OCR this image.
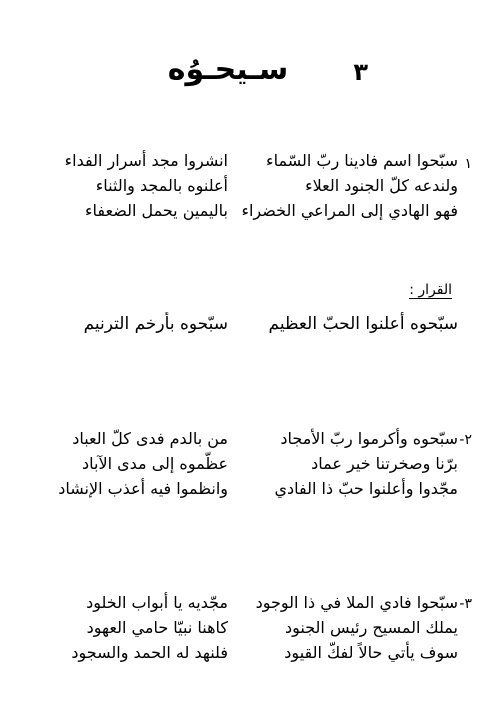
٣
سـيحـوُه
١
سبّحوا اسم فادينا ربّ السّماء
ولندعه كلّ الجنود العلاء
فهو الهادي إلى المراعي الخضراء
انشروا مجد أسرار الفداء
أعلنوه بالمجد والثناء
باليمين يحمل الضعفاء
القرار :
سبّحوه أعلنوا الحبّ العظيم
سبّحوه بأرخم الترنيم
٢-
سبّحوه وأكرموا ربّ الأمجاد
برّنا وصخرتنا خير عماد
مجّدوا وأعلنوا حبّ ذا الفادي
من بالدم فدى كلّ العباد
عظّموه إلى مدى الآباد
وانظموا فيه أعذب الإنشاد
٣-
سبّحوا فادي الملا في ذا الوجود
يملك المسيح رئيس الجنود
سوف يأتي حالاً لفكّ القيود
مجّديه يا أبواب الخلود
كاهنا نبيّا حامي العهود
فلنهد له الحمد والسجود
